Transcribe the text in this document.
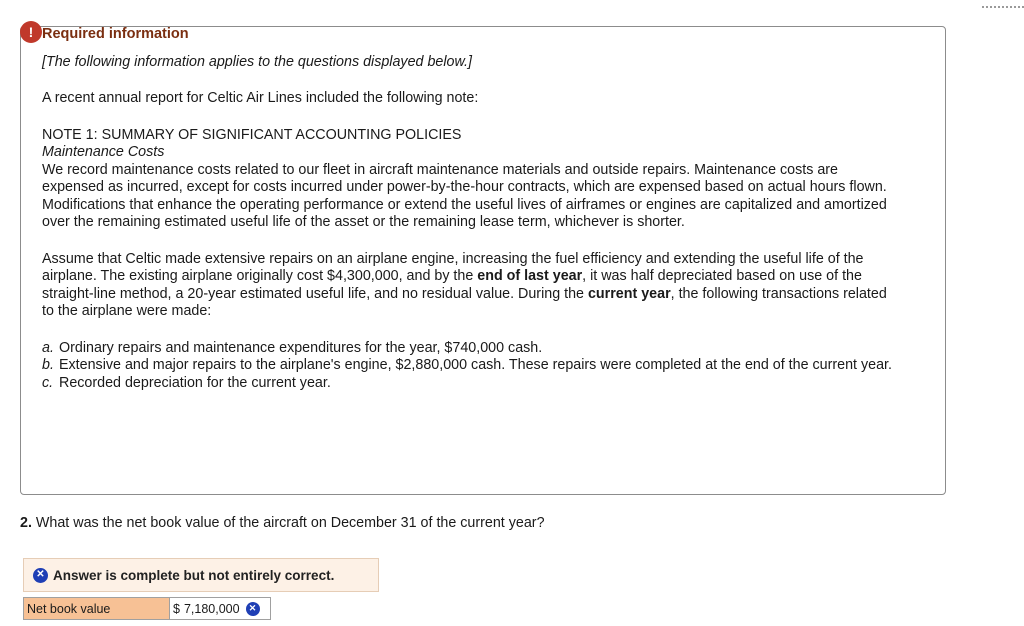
! Required information

[The following information applies to the questions displayed below.]

A recent annual report for Celtic Air Lines included the following note:

NOTE 1: SUMMARY OF SIGNIFICANT ACCOUNTING POLICIES
Maintenance Costs
We record maintenance costs related to our fleet in aircraft maintenance materials and outside repairs. Maintenance costs are expensed as incurred, except for costs incurred under power-by-the-hour contracts, which are expensed based on actual hours flown. Modifications that enhance the operating performance or extend the useful lives of airframes or engines are capitalized and amortized over the remaining estimated useful life of the asset or the remaining lease term, whichever is shorter.

Assume that Celtic made extensive repairs on an airplane engine, increasing the fuel efficiency and extending the useful life of the airplane. The existing airplane originally cost $4,300,000, and by the end of last year, it was half depreciated based on use of the straight-line method, a 20-year estimated useful life, and no residual value. During the current year, the following transactions related to the airplane were made:

a. Ordinary repairs and maintenance expenditures for the year, $740,000 cash.
b. Extensive and major repairs to the airplane's engine, $2,880,000 cash. These repairs were completed at the end of the current year.
c. Recorded depreciation for the current year.
2. What was the net book value of the aircraft on December 31 of the current year?
✕ Answer is complete but not entirely correct.
Net book value	$ 7,180,000	✕
